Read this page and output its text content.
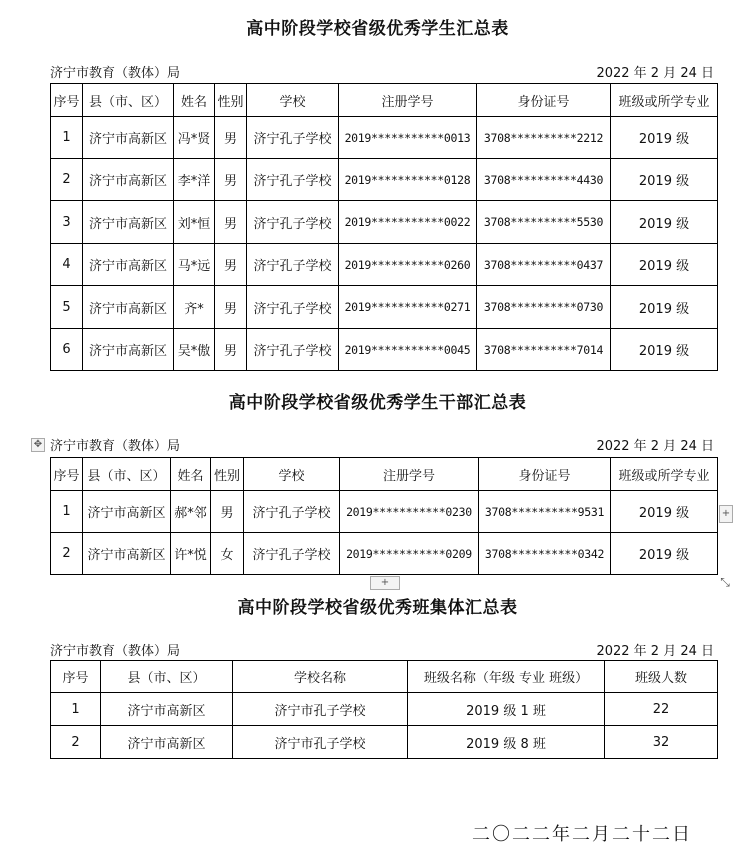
高中阶段学校省级优秀学生汇总表
济宁市教育（教体）局	2022 年 2 月 24 日
序号	县（市、区）	姓名	性别	学校	注册学号	身份证号	班级或所学专业
1	济宁市高新区	冯*贤	男	济宁孔子学校	2019***********0013	3708**********2212	2019 级
2	济宁市高新区	李*洋	男	济宁孔子学校	2019***********0128	3708**********4430	2019 级
3	济宁市高新区	刘*恒	男	济宁孔子学校	2019***********0022	3708**********5530	2019 级
4	济宁市高新区	马*远	男	济宁孔子学校	2019***********0260	3708**********0437	2019 级
5	济宁市高新区	齐*	男	济宁孔子学校	2019***********0271	3708**********0730	2019 级
6	济宁市高新区	吴*傲	男	济宁孔子学校	2019***********0045	3708**********7014	2019 级
高中阶段学校省级优秀学生干部汇总表
✥ 济宁市教育（教体）局	2022 年 2 月 24 日
序号	县（市、区）	姓名	性别	学校	注册学号	身份证号	班级或所学专业
1	济宁市高新区	郝*邻	男	济宁孔子学校	2019***********0230	3708**********9531	2019 级
2	济宁市高新区	许*悦	女	济宁孔子学校	2019***********0209	3708**********0342	2019 级
+
+	⤡
高中阶段学校省级优秀班集体汇总表
济宁市教育（教体）局	2022 年 2 月 24 日
序号	县（市、区）	学校名称	班级名称（年级 专业 班级）	班级人数
1	济宁市高新区	济宁市孔子学校	2019 级 1 班	22
2	济宁市高新区	济宁市孔子学校	2019 级 8 班	32
二〇二二年二月二十二日
